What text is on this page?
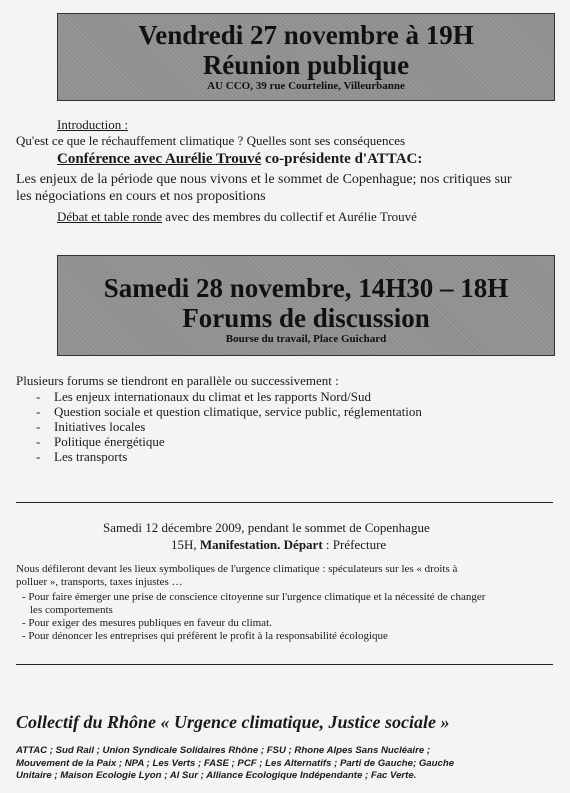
Vendredi 27 novembre à 19H
Réunion publique
AU CCO, 39 rue Courteline, Villeurbanne
Introduction :
Qu'est ce que le réchauffement climatique ? Quelles sont ses conséquences
Conférence avec Aurélie Trouvé co-présidente d'ATTAC:
Les enjeux de la période que nous vivons et le sommet de Copenhague; nos critiques sur
les négociations en cours et nos propositions
Débat et table ronde avec des membres du collectif et Aurélie Trouvé
Samedi 28 novembre, 14H30 – 18H
Forums de discussion
Bourse du travail, Place Guichard
Plusieurs forums se tiendront en parallèle ou successivement :
- Les enjeux internationaux du climat et les rapports Nord/Sud
- Question sociale et question climatique, service public, réglementation
- Initiatives locales
- Politique énergétique
- Les transports
Samedi 12 décembre 2009, pendant le sommet de Copenhague
15H, Manifestation. Départ : Préfecture
Nous défileront devant les lieux symboliques de l'urgence climatique : spéculateurs sur les « droits à
polluer », transports, taxes injustes …
- Pour faire émerger une prise de conscience citoyenne sur l'urgence climatique et la nécessité de changer
les comportements
- Pour exiger des mesures publiques en faveur du climat.
- Pour dénoncer les entreprises qui préfèrent le profit à la responsabilité écologique
Collectif du Rhône « Urgence climatique, Justice sociale »
ATTAC ; Sud Rail ; Union Syndicale Solidaires Rhône ; FSU ; Rhone Alpes Sans Nucléaire ;
Mouvement de la Paix ; NPA ; Les Verts ; FASE ; PCF ; Les Alternatifs ; Parti de Gauche; Gauche
Unitaire ; Maison Ecologie Lyon ; Al Sur ; Alliance Ecologique Indépendante ; Fac Verte.
